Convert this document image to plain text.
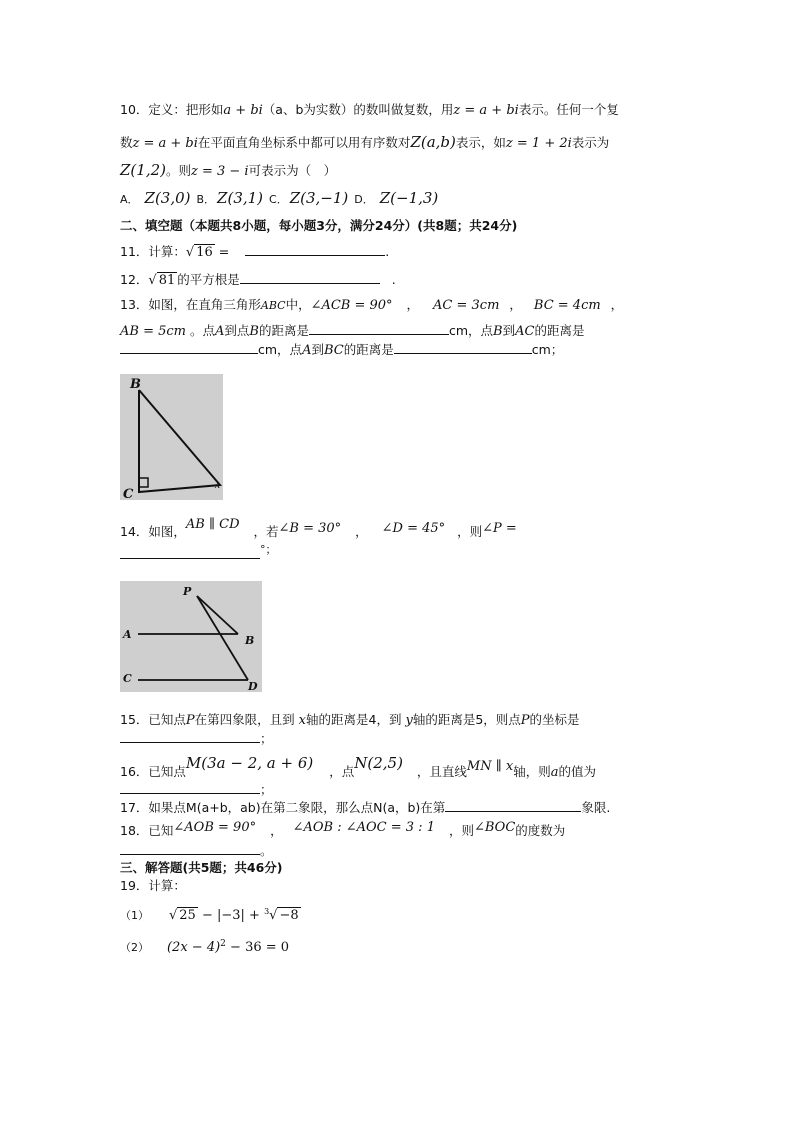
10．定义：把形如a + bi（a、b为实数）的数叫做复数，用z = a + bi表示。任何一个复
数z = a + bi在平面直角坐标系中都可以用有序数对Z(a,b)表示，如z = 1 + 2i表示为
Z(1,2)。则z = 3 − i可表示为（　）
A． Z(3,0) B． Z(3,1) C． Z(3,−1) D． Z(−1,3)
二、填空题（本题共8小题，每小题3分，满分24分）(共8题；共24分)
11．计算：√ 16 =	.
12．√ 81 的平方根是	.
13．如图，在直角三角形ABC中，∠ACB = 90° ， AC = 3cm ， BC = 4cm ，
AB = 5cm 。点A到点B的距离是	cm，点B到AC的距离是
cm，点A到BC的距离是	cm；
B
C
A
14．如图，AB ∥ CD ，若∠B = 30° ， ∠D = 45° ，则∠P =
°；
P
A	B
C
D
15．已知点P在第四象限，且到 x轴的距离是4，到 y轴的距离是5，则点P的坐标是
；
16．已知点M(3a − 2, a + 6) ，点N(2,5) ，且直线MN ∥ x轴，则a的值为
；
17．如果点M(a+b，ab)在第二象限，那么点N(a，b)在第	象限.
18．已知∠AOB = 90° ， ∠AOB : ∠AOC = 3 : 1 ，则∠BOC的度数为
。
三、解答题(共5题；共46分)
19．计算：
（1） √ 25 − |−3| + $^3$√ −8
（2） $(2x - 4)^2 - 36 = 0$
